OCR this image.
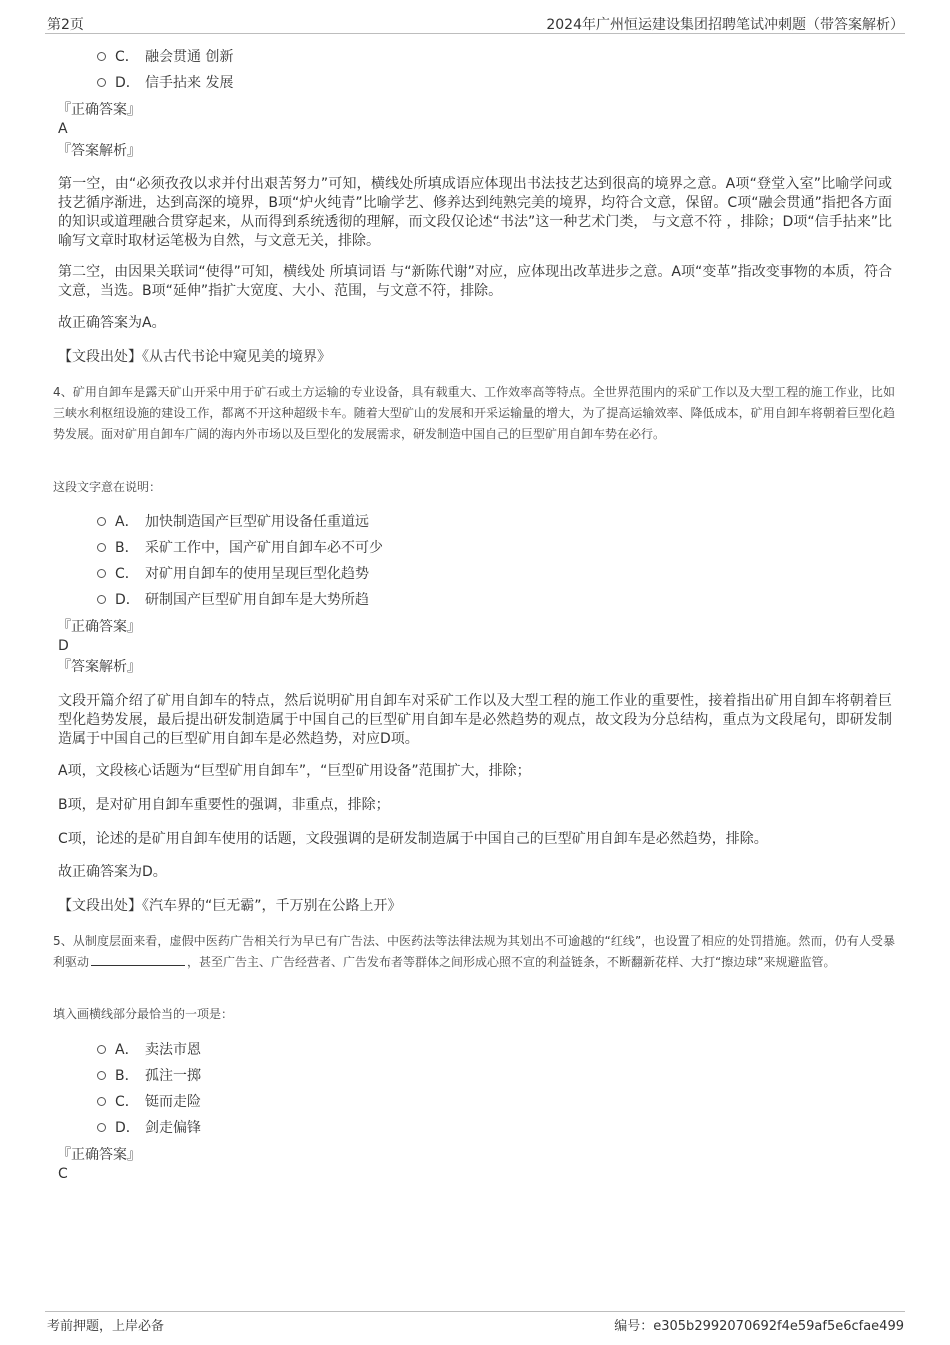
第2页	2024年广州恒运建设集团招聘笔试冲刺题（带答案解析）
C． 融会贯通 创新
D． 信手拈来 发展
『正确答案』
A
『答案解析』
第一空，由“必须孜孜以求并付出艰苦努力”可知，横线处所填成语应体现出书法技艺达到很高的境界之意。A项“登堂入室”比喻学问或技艺循序渐进，达到高深的境界，B项“炉火纯青”比喻学艺、修养达到纯熟完美的境界，均符合文意，保留。C项“融会贯通”指把各方面的知识或道理融合贯穿起来，从而得到系统透彻的理解，而文段仅论述“书法”这一种艺术门类， 与文意不符 ，排除；D项“信手拈来”比喻写文章时取材运笔极为自然，与文意无关，排除。
第二空，由因果关联词“使得”可知，横线处 所填词语 与“新陈代谢”对应，应体现出改革进步之意。A项“变革”指改变事物的本质，符合文意，当选。B项“延伸”指扩大宽度、大小、范围，与文意不符，排除。
故正确答案为A。
【文段出处】《从古代书论中窥见美的境界》
4、矿用自卸车是露天矿山开采中用于矿石或土方运输的专业设备，具有载重大、工作效率高等特点。全世界范围内的采矿工作以及大型工程的施工作业，比如三峡水利枢纽设施的建设工作，都离不开这种超级卡车。随着大型矿山的发展和开采运输量的增大，为了提高运输效率、降低成本，矿用自卸车将朝着巨型化趋势发展。面对矿用自卸车广阔的海内外市场以及巨型化的发展需求，研发制造中国自己的巨型矿用自卸车势在必行。
这段文字意在说明：
A． 加快制造国产巨型矿用设备任重道远
B． 采矿工作中，国产矿用自卸车必不可少
C． 对矿用自卸车的使用呈现巨型化趋势
D． 研制国产巨型矿用自卸车是大势所趋
『正确答案』
D
『答案解析』
文段开篇介绍了矿用自卸车的特点，然后说明矿用自卸车对采矿工作以及大型工程的施工作业的重要性，接着指出矿用自卸车将朝着巨型化趋势发展，最后提出研发制造属于中国自己的巨型矿用自卸车是必然趋势的观点，故文段为分总结构，重点为文段尾句，即研发制造属于中国自己的巨型矿用自卸车是必然趋势，对应D项。
A项，文段核心话题为“巨型矿用自卸车”，“巨型矿用设备”范围扩大，排除；
B项，是对矿用自卸车重要性的强调，非重点，排除；
C项，论述的是矿用自卸车使用的话题，文段强调的是研发制造属于中国自己的巨型矿用自卸车是必然趋势，排除。
故正确答案为D。
【文段出处】《汽车界的“巨无霸”，千万别在公路上开》
5、从制度层面来看，虚假中医药广告相关行为早已有广告法、中医药法等法律法规为其划出不可逾越的“红线”，也设置了相应的处罚措施。然而，仍有人受暴利驱动	，甚至广告主、广告经营者、广告发布者等群体之间形成心照不宣的利益链条，不断翻新花样、大打“擦边球”来规避监管。
填入画横线部分最恰当的一项是：
A． 卖法市恩
B． 孤注一掷
C． 铤而走险
D． 剑走偏锋
『正确答案』
C
考前押题，上岸必备	编号：e305b2992070692f4e59af5e6cfae499
